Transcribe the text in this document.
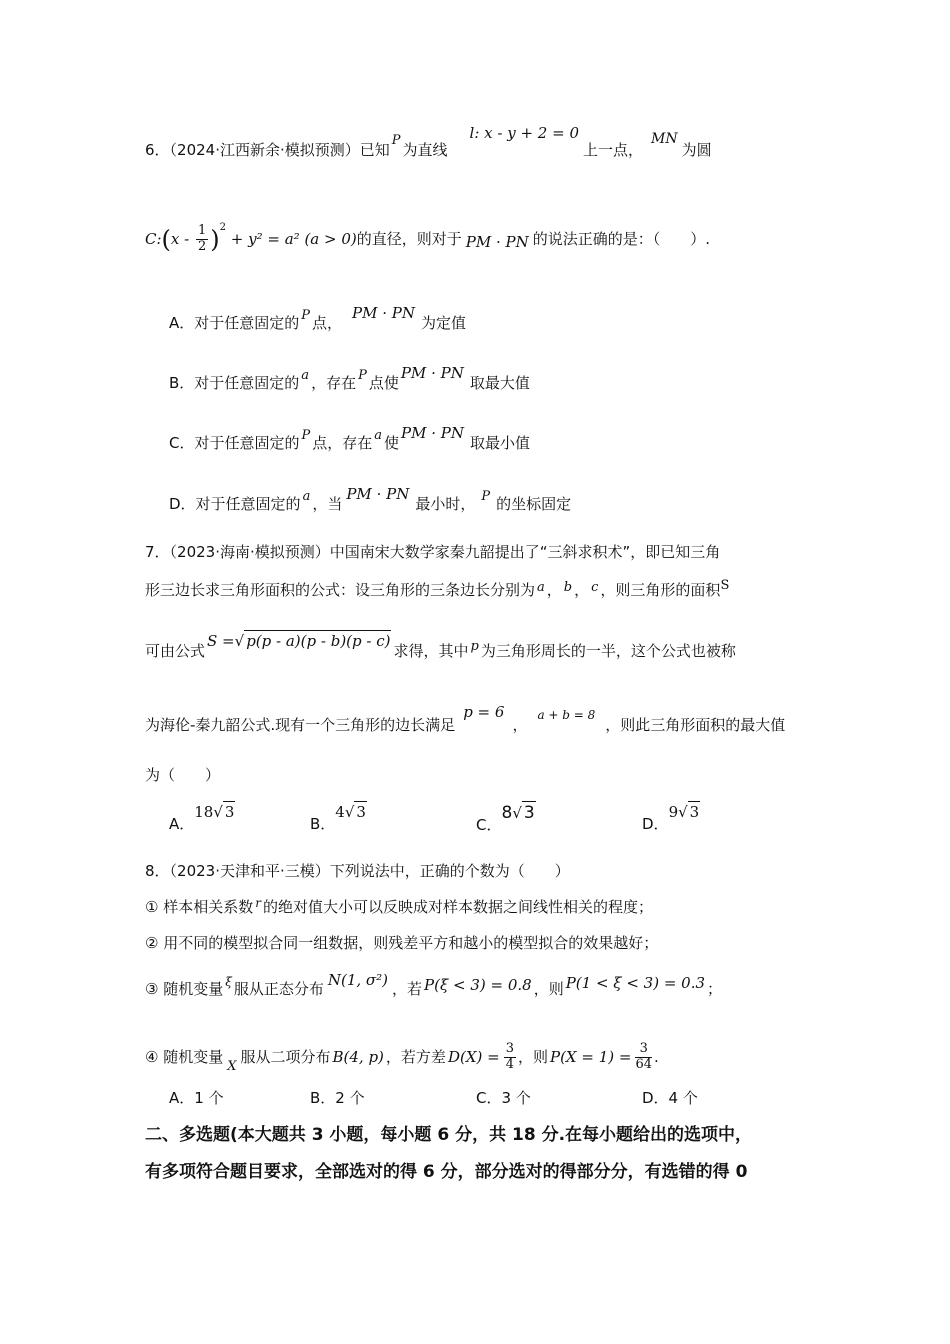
6．（2024·江西新余·模拟预测）已知P为直线l: x - y + 2 = 0上一点，MN为圆
C:(x - $\frac{1}{2} )^2 + y^2 = a^2$ (a > 0)的直径，则对于 PM · PN 的说法正确的是：（　　）.
A．对于任意固定的 P 点，PM · PN为定值
B．对于任意固定的 a ，存在 P 点使PM · PN取最大值
C．对于任意固定的 P 点，存在 a 使PM · PN取最小值
D．对于任意固定的 a ，当PM · PN最小时， P 的坐标固定
7．（2023·海南·模拟预测）中国南宋大数学家秦九韶提出了“三斜求积术”，即已知三角
形三边长求三角形面积的公式：设三角形的三条边长分别为 a ， b ， c ，则三角形的面积S
可由公式S =√ p(p - a)(p - b)(p - c)求得，其中 p 为三角形周长的一半，这个公式也被称
为海伦-秦九韶公式.现有一个三角形的边长满足p = 6，$^{a + b = 8}$，则此三角形面积的最大值
为（　　）
A．18√ 3
B．4√ 3
C．8√ 3
D．9√ 3
8．（2023·天津和平·三模）下列说法中，正确的个数为（　　）
① 样本相关系数 $^r$ 的绝对值大小可以反映成对样本数据之间线性相关的程度；
② 用不同的模型拟合同一组数据，则残差平方和越小的模型拟合的效果越好；
③ 随机变量 $^\xi$ 服从正态分布 N(1, σ²) ，若 P(ξ < 3) = 0.8 ，则 P(1 < ξ < 3) = 0.3 ；
④ 随机变量X服从二项分布 B(4, p) ，若方差 $D(X) = \frac{3}{4}$ ，则 $P(X = 1) = \frac{3}{64}$ .
A．1 个	B．2 个	C．3 个	D．4 个
二、多选题(本大题共 3 小题，每小题 6 分，共 18 分.在每小题给出的选项中，
有多项符合题目要求，全部选对的得 6 分，部分选对的得部分分，有选错的得 0
